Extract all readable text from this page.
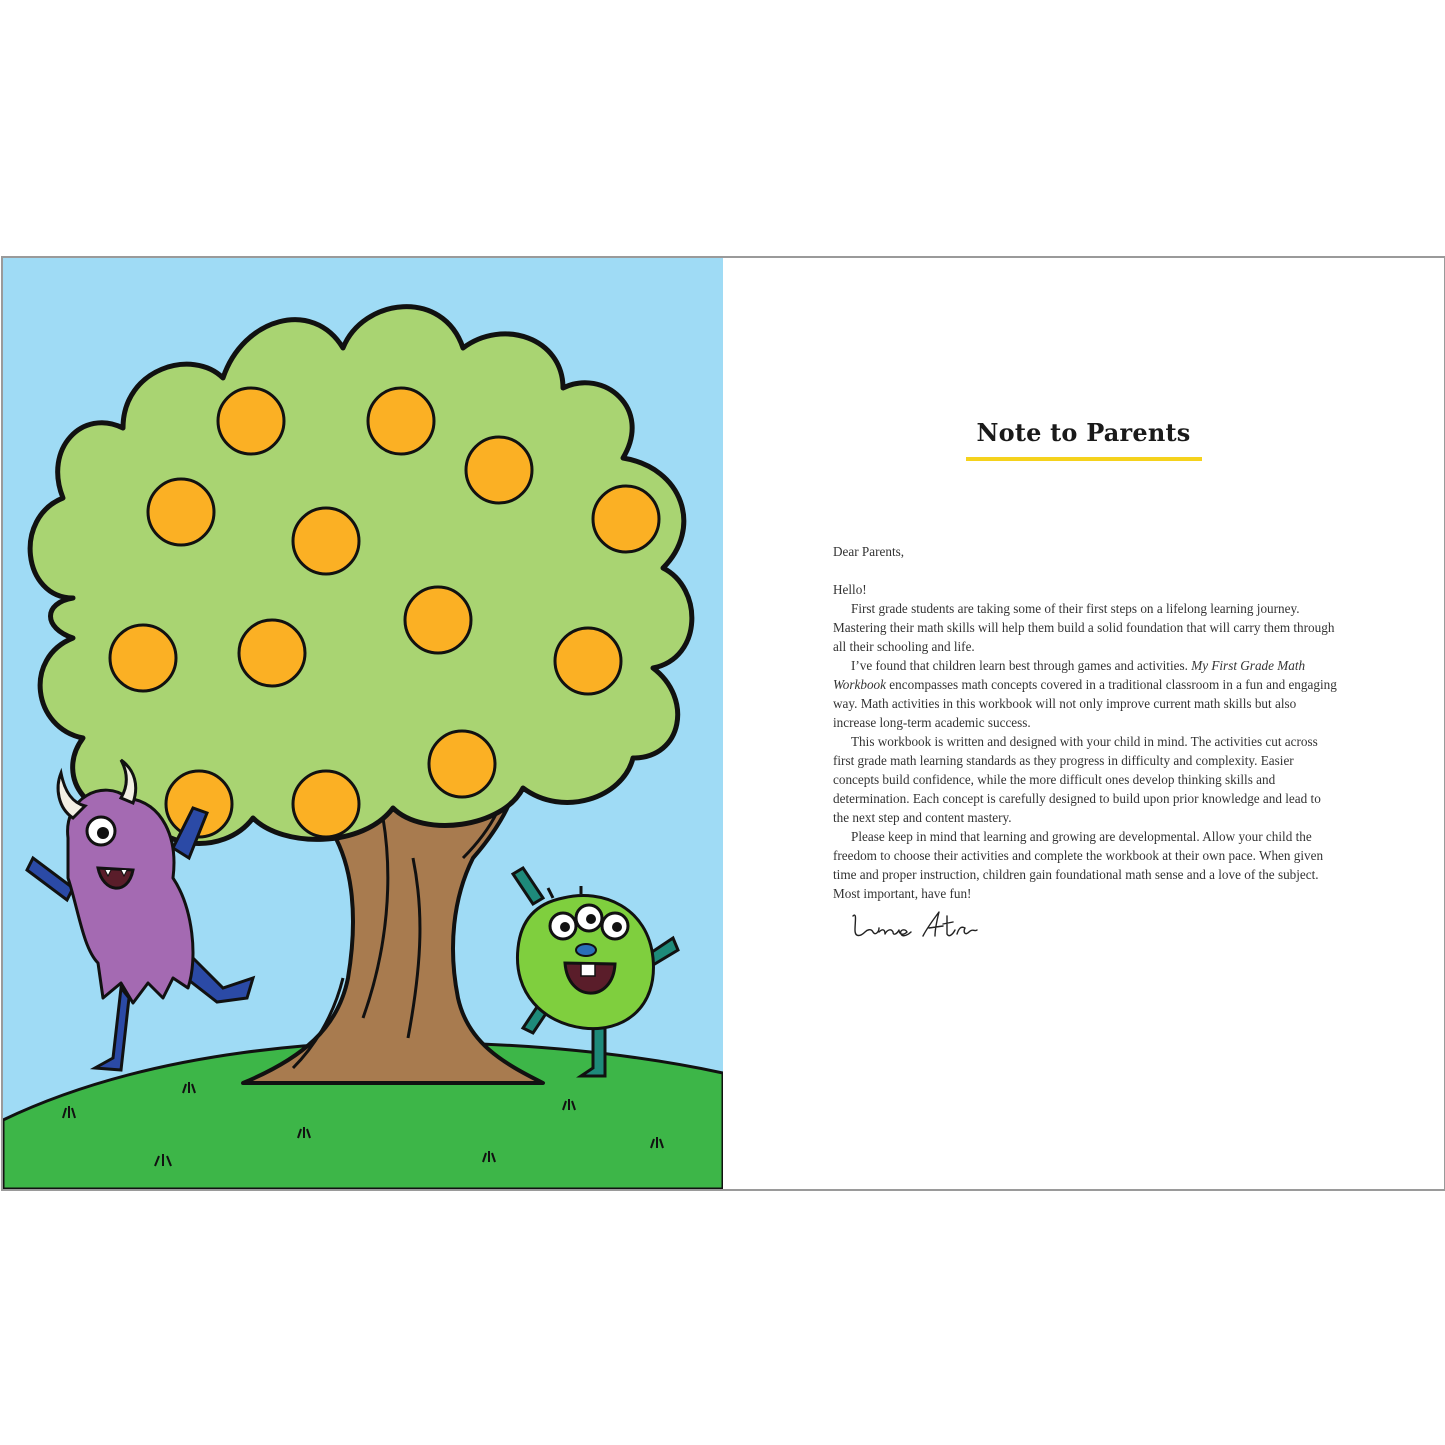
Note to Parents

Dear Parents,

Hello!

First grade students are taking some of their first steps on a lifelong learning journey. Mastering their math skills will help them build a solid foundation that will carry them through all their schooling and life.

I’ve found that children learn best through games and activities. My First Grade Math Workbook encompasses math concepts covered in a traditional classroom in a fun and engaging way. Math activities in this workbook will not only improve current math skills but also increase long-term academic success.

This workbook is written and designed with your child in mind. The activities cut across first grade math learning standards as they progress in difficulty and complexity. Easier concepts build confidence, while the more difficult ones develop thinking skills and determination. Each concept is carefully designed to build upon prior knowledge and lead to the next step and content mastery.

Please keep in mind that learning and growing are developmental. Allow your child the freedom to choose their activities and complete the workbook at their own pace. When given time and proper instruction, children gain foundational math sense and a love of the subject. Most important, have fun!
